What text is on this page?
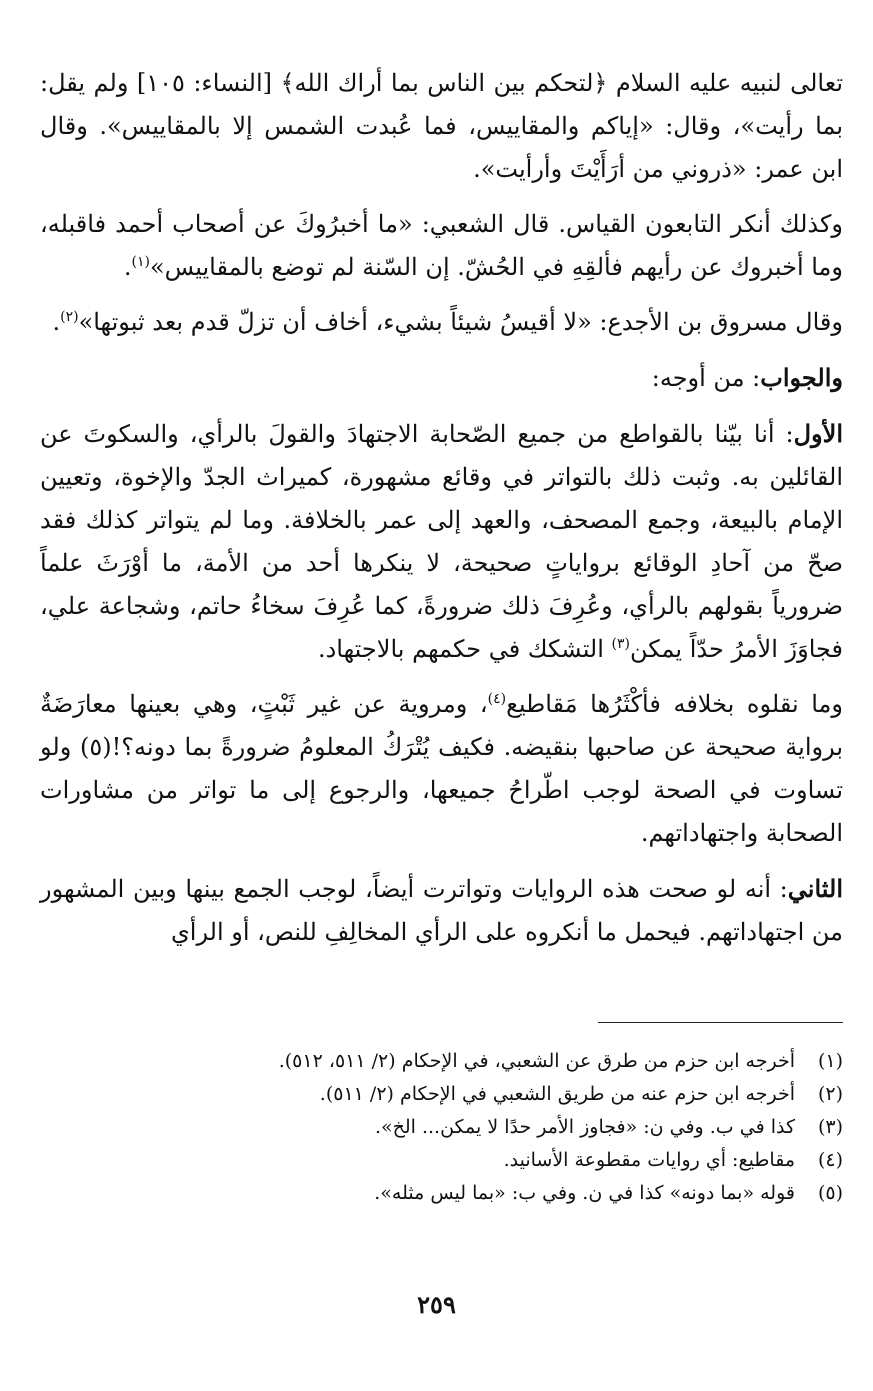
تعالى لنبيه عليه السلام ﴿لتحكم بين الناس بما أراك الله﴾ [النساء: ١٠٥] ولم يقل: بما رأيت»، وقال: «إياكم والمقاييس، فما عُبدت الشمس إلا بالمقاييس». وقال ابن عمر: «ذروني من أرَأَيْتَ وأرأيت».

وكذلك أنكر التابعون القياس. قال الشعبي: «ما أخبرُوكَ عن أصحاب أحمد فاقبله، وما أخبروك عن رأيهم فألقِهِ في الحُشّ. إن السّنة لم توضع بالمقاييس»$^{(١)}$.

وقال مسروق بن الأجدع: «لا أقيسُ شيئاً بشيء، أخاف أن تزلّ قدم بعد ثبوتها»$^{(٢)}$.

والجواب: من أوجه:

الأول: أنا بيّنا بالقواطع من جميع الصّحابة الاجتهادَ والقولَ بالرأي، والسكوتَ عن القائلين به. وثبت ذلك بالتواتر في وقائع مشهورة، كميراث الجدّ والإخوة، وتعيين الإمام بالبيعة، وجمع المصحف، والعهد إلى عمر بالخلافة. وما لم يتواتر كذلك فقد صحّ من آحادِ الوقائع برواياتٍ صحيحة، لا ينكرها أحد من الأمة، ما أوْرَثَ علماً ضرورياً بقولهم بالرأي، وعُرِفَ ذلك ضرورةً، كما عُرِفَ سخاءُ حاتم، وشجاعة علي، فجاوَزَ الأمرُ حدّاً يمكن$^{(٣)}$ التشكك في حكمهم بالاجتهاد.

وما نقلوه بخلافه فأكْثَرُها مَقاطيع$^{(٤)}$، ومروية عن غير ثَبْتٍ، وهي بعينها معارَضَةٌ برواية صحيحة عن صاحبها بنقيضه. فكيف يُتْرَكُ المعلومُ ضرورةً بما دونه؟!(٥) ولو تساوت في الصحة لوجب اطّراحُ جميعها، والرجوع إلى ما تواتر من مشاورات الصحابة واجتهاداتهم.

الثاني: أنه لو صحت هذه الروايات وتواترت أيضاً، لوجب الجمع بينها وبين المشهور من اجتهاداتهم. فيحمل ما أنكروه على الرأي المخالِفِ للنص، أو الرأي

(١)
أخرجه ابن حزم من طرق عن الشعبي، في الإحكام (٢/ ٥١١، ٥١٢).
(٢)
أخرجه ابن حزم عنه من طريق الشعبي في الإحكام (٢/ ٥١١).
(٣)
كذا في ب. وفي ن: «فجاوز الأمر حدًا لا يمكن... الخ».
(٤)
مقاطيع: أي روايات مقطوعة الأسانيد.
(٥)
قوله «بما دونه» كذا في ن. وفي ب: «بما ليس مثله».
٢٥٩
